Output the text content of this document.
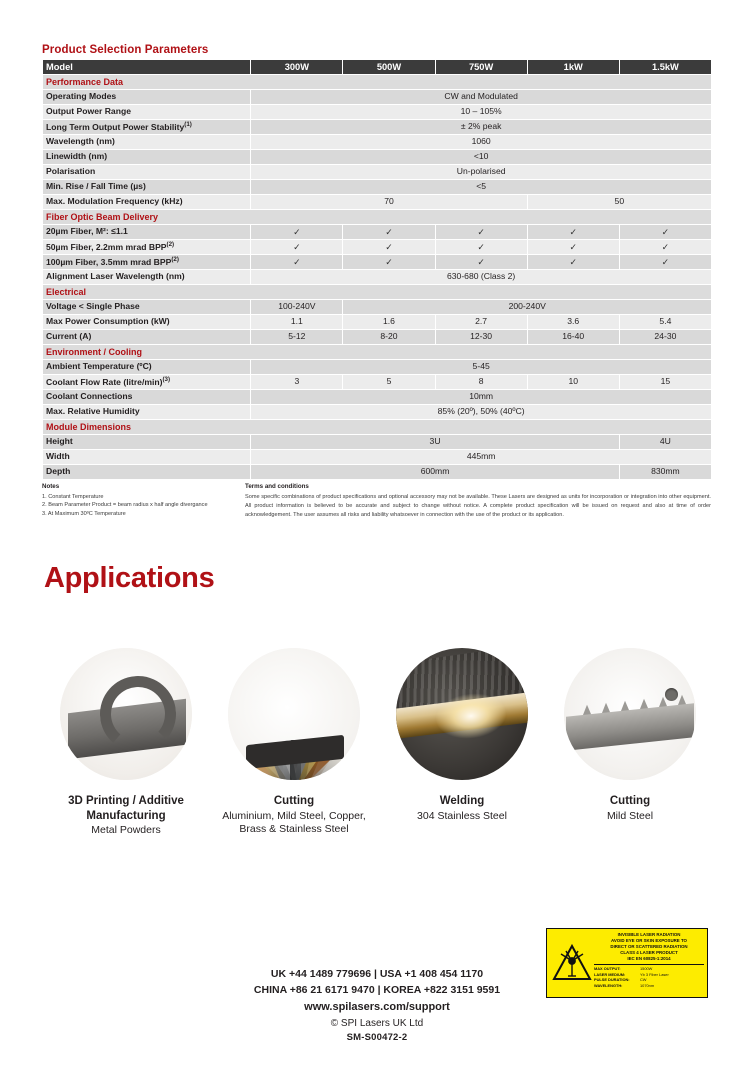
Product Selection Parameters
Model	300W	500W	750W	1kW	1.5kW
Performance Data					
Operating Modes	CW and Modulated				
Output Power Range	10 – 105%				
Long Term Output Power Stability$^{(1)}$	± 2% peak				
Wavelength (nm)	1060				
Linewidth (nm)	<10				
Polarisation	Un-polarised				
Min. Rise / Fall Time (µs)	<5				
Max. Modulation Frequency (kHz)	70			50	
Fiber Optic Beam Delivery					
20µm Fiber, M²: ≤1.1	✓	✓	✓	✓	✓
50µm Fiber, 2.2mm mrad BPP$^{(2)}$	✓	✓	✓	✓	✓
100µm Fiber, 3.5mm mrad BPP$^{(2)}$	✓	✓	✓	✓	✓
Alignment Laser Wavelength (nm)	630-680 (Class 2)				
Electrical					
Voltage < Single Phase	100-240V	200-240V			
Max Power Consumption (kW)	1.1	1.6	2.7	3.6	5.4
Current (A)	5-12	8-20	12-30	16-40	24-30
Environment / Cooling					
Ambient Temperature (ºC)	5-45				
Coolant Flow Rate (litre/min)$^{(3)}$	3	5	8	10	15
Coolant Connections	10mm				
Max. Relative Humidity	85% (20º), 50% (40ºC)				
Module Dimensions					
Height	3U				4U
Width	445mm				
Depth	600mm				830mm
Notes
1. Constant Temperature
2. Beam Parameter Product = beam radius x half angle divergance
3. At Maximum 30ºC Temperature
Terms and conditions
Some specific combinations of product specifications and optional accessory may not be available. These Lasers are designed as units for incorporation or integration into other equipment. All product information is believed to be accurate and subject to change without notice. A complete product specification will be issued on request and also at time of order acknowledgement. The user assumes all risks and liability whatsoever in connection with the use of the product or its application.
Applications
3D Printing / Additive Manufacturing
Metal Powders
Cutting
Aluminium, Mild Steel, Copper, Brass & Stainless Steel
Welding
304 Stainless Steel
Cutting
Mild Steel
INVISIBLE LASER RADIATION
AVOID EYE OR SKIN EXPOSURE TO
DIRECT OR SCATTERED RADIATION
CLASS 4 LASER PRODUCT
IEC EN 60825-1:2014
MAX OUTPUT:	1500W
LASER MEDIUM:	Yb 3 Fiber Laser
PULSE DURATION:	CW
WAVELENGTH:	1070nm
UK +44 1489 779696 | USA +1 408 454 1170
CHINA +86 21 6171 9470 | KOREA +822 3151 9591
www.spilasers.com/support
© SPI Lasers UK Ltd
SM-S00472-2
